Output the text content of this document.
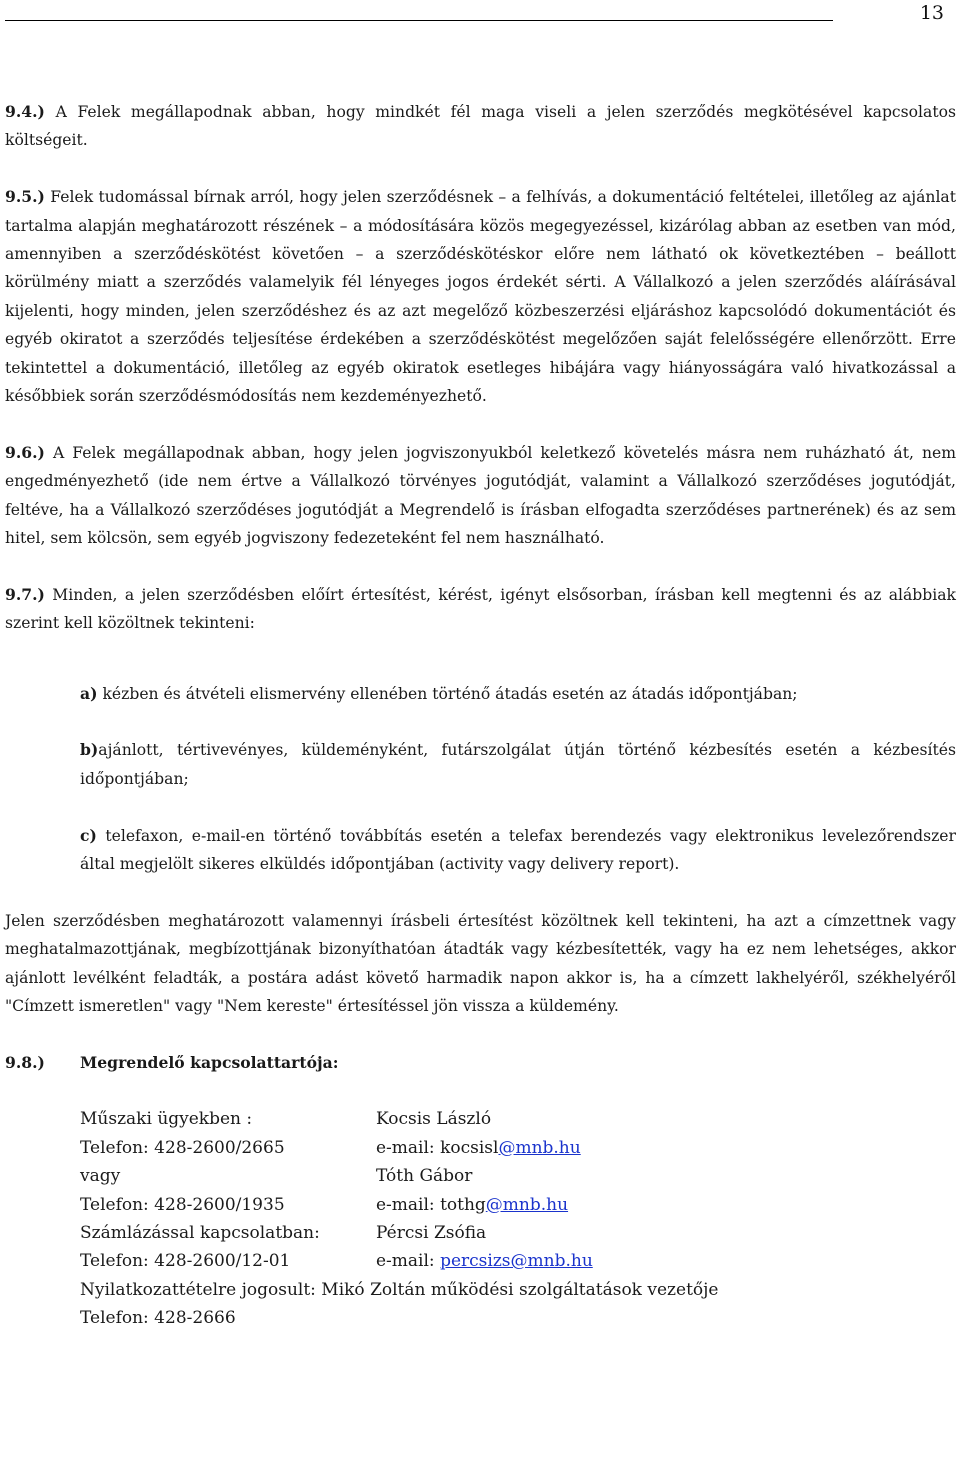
13

9.4.) A Felek megállapodnak abban, hogy mindkét fél maga viseli a jelen szerződés megkötésével kapcsolatos költségeit.

9.5.) Felek tudomással bírnak arról, hogy jelen szerződésnek – a felhívás, a dokumentáció feltételei, illetőleg az ajánlat tartalma alapján meghatározott részének – a módosítására közös megegyezéssel, kizárólag abban az esetben van mód, amennyiben a szerződéskötést követően – a szerződéskötéskor előre nem látható ok következtében – beállott körülmény miatt a szerződés valamelyik fél lényeges jogos érdekét sérti. A Vállalkozó a jelen szerződés aláírásával kijelenti, hogy minden, jelen szerződéshez és az azt megelőző közbeszerzési eljáráshoz kapcsolódó dokumentációt és egyéb okiratot a szerződés teljesítése érdekében a szerződéskötést megelőzően saját felelősségére ellenőrzött. Erre tekintettel a dokumentáció, illetőleg az egyéb okiratok esetleges hibájára vagy hiányosságára való hivatkozással a későbbiek során szerződésmódosítás nem kezdeményezhető.

9.6.) A Felek megállapodnak abban, hogy jelen jogviszonyukból keletkező követelés másra nem ruházható át, nem engedményezhető (ide nem értve a Vállalkozó törvényes jogutódját, valamint a Vállalkozó szerződéses jogutódját, feltéve, ha a Vállalkozó szerződéses jogutódját a Megrendelő is írásban elfogadta szerződéses partnerének) és az sem hitel, sem kölcsön, sem egyéb jogviszony fedezeteként fel nem használható.

9.7.) Minden, a jelen szerződésben előírt értesítést, kérést, igényt elsősorban, írásban kell megtenni és az alábbiak szerint kell közöltnek tekinteni:

a) kézben és átvételi elismervény ellenében történő átadás esetén az átadás időpontjában;

b)ajánlott, tértivevényes, küldeményként, futárszolgálat útján történő kézbesítés esetén a kézbesítés időpontjában;

c) telefaxon, e-mail-en történő továbbítás esetén a telefax berendezés vagy elektronikus levelezőrendszer által megjelölt sikeres elküldés időpontjában (activity vagy delivery report).

Jelen szerződésben meghatározott valamennyi írásbeli értesítést közöltnek kell tekinteni, ha azt a címzettnek vagy meghatalmazottjának, megbízottjának bizonyíthatóan átadták vagy kézbesítették, vagy ha ez nem lehetséges, akkor ajánlott levélként feladták, a postára adást követő harmadik napon akkor is, ha a címzett lakhelyéről, székhelyéről "Címzett ismeretlen" vagy "Nem kereste" értesítéssel jön vissza a küldemény.

9.8.) Megrendelő kapcsolattartója:
Műszaki ügyekben :	Kocsis László
Telefon: 428-2600/2665	e-mail: kocsisl@mnb.hu
vagy	Tóth Gábor
Telefon: 428-2600/1935	e-mail: tothg@mnb.hu
Számlázással kapcsolatban:	Pércsi Zsófia
Telefon: 428-2600/12-01	e-mail: percsizs@mnb.hu
Nyilatkozattételre jogosult: Mikó Zoltán működési szolgáltatások vezetője
Telefon: 428-2666
